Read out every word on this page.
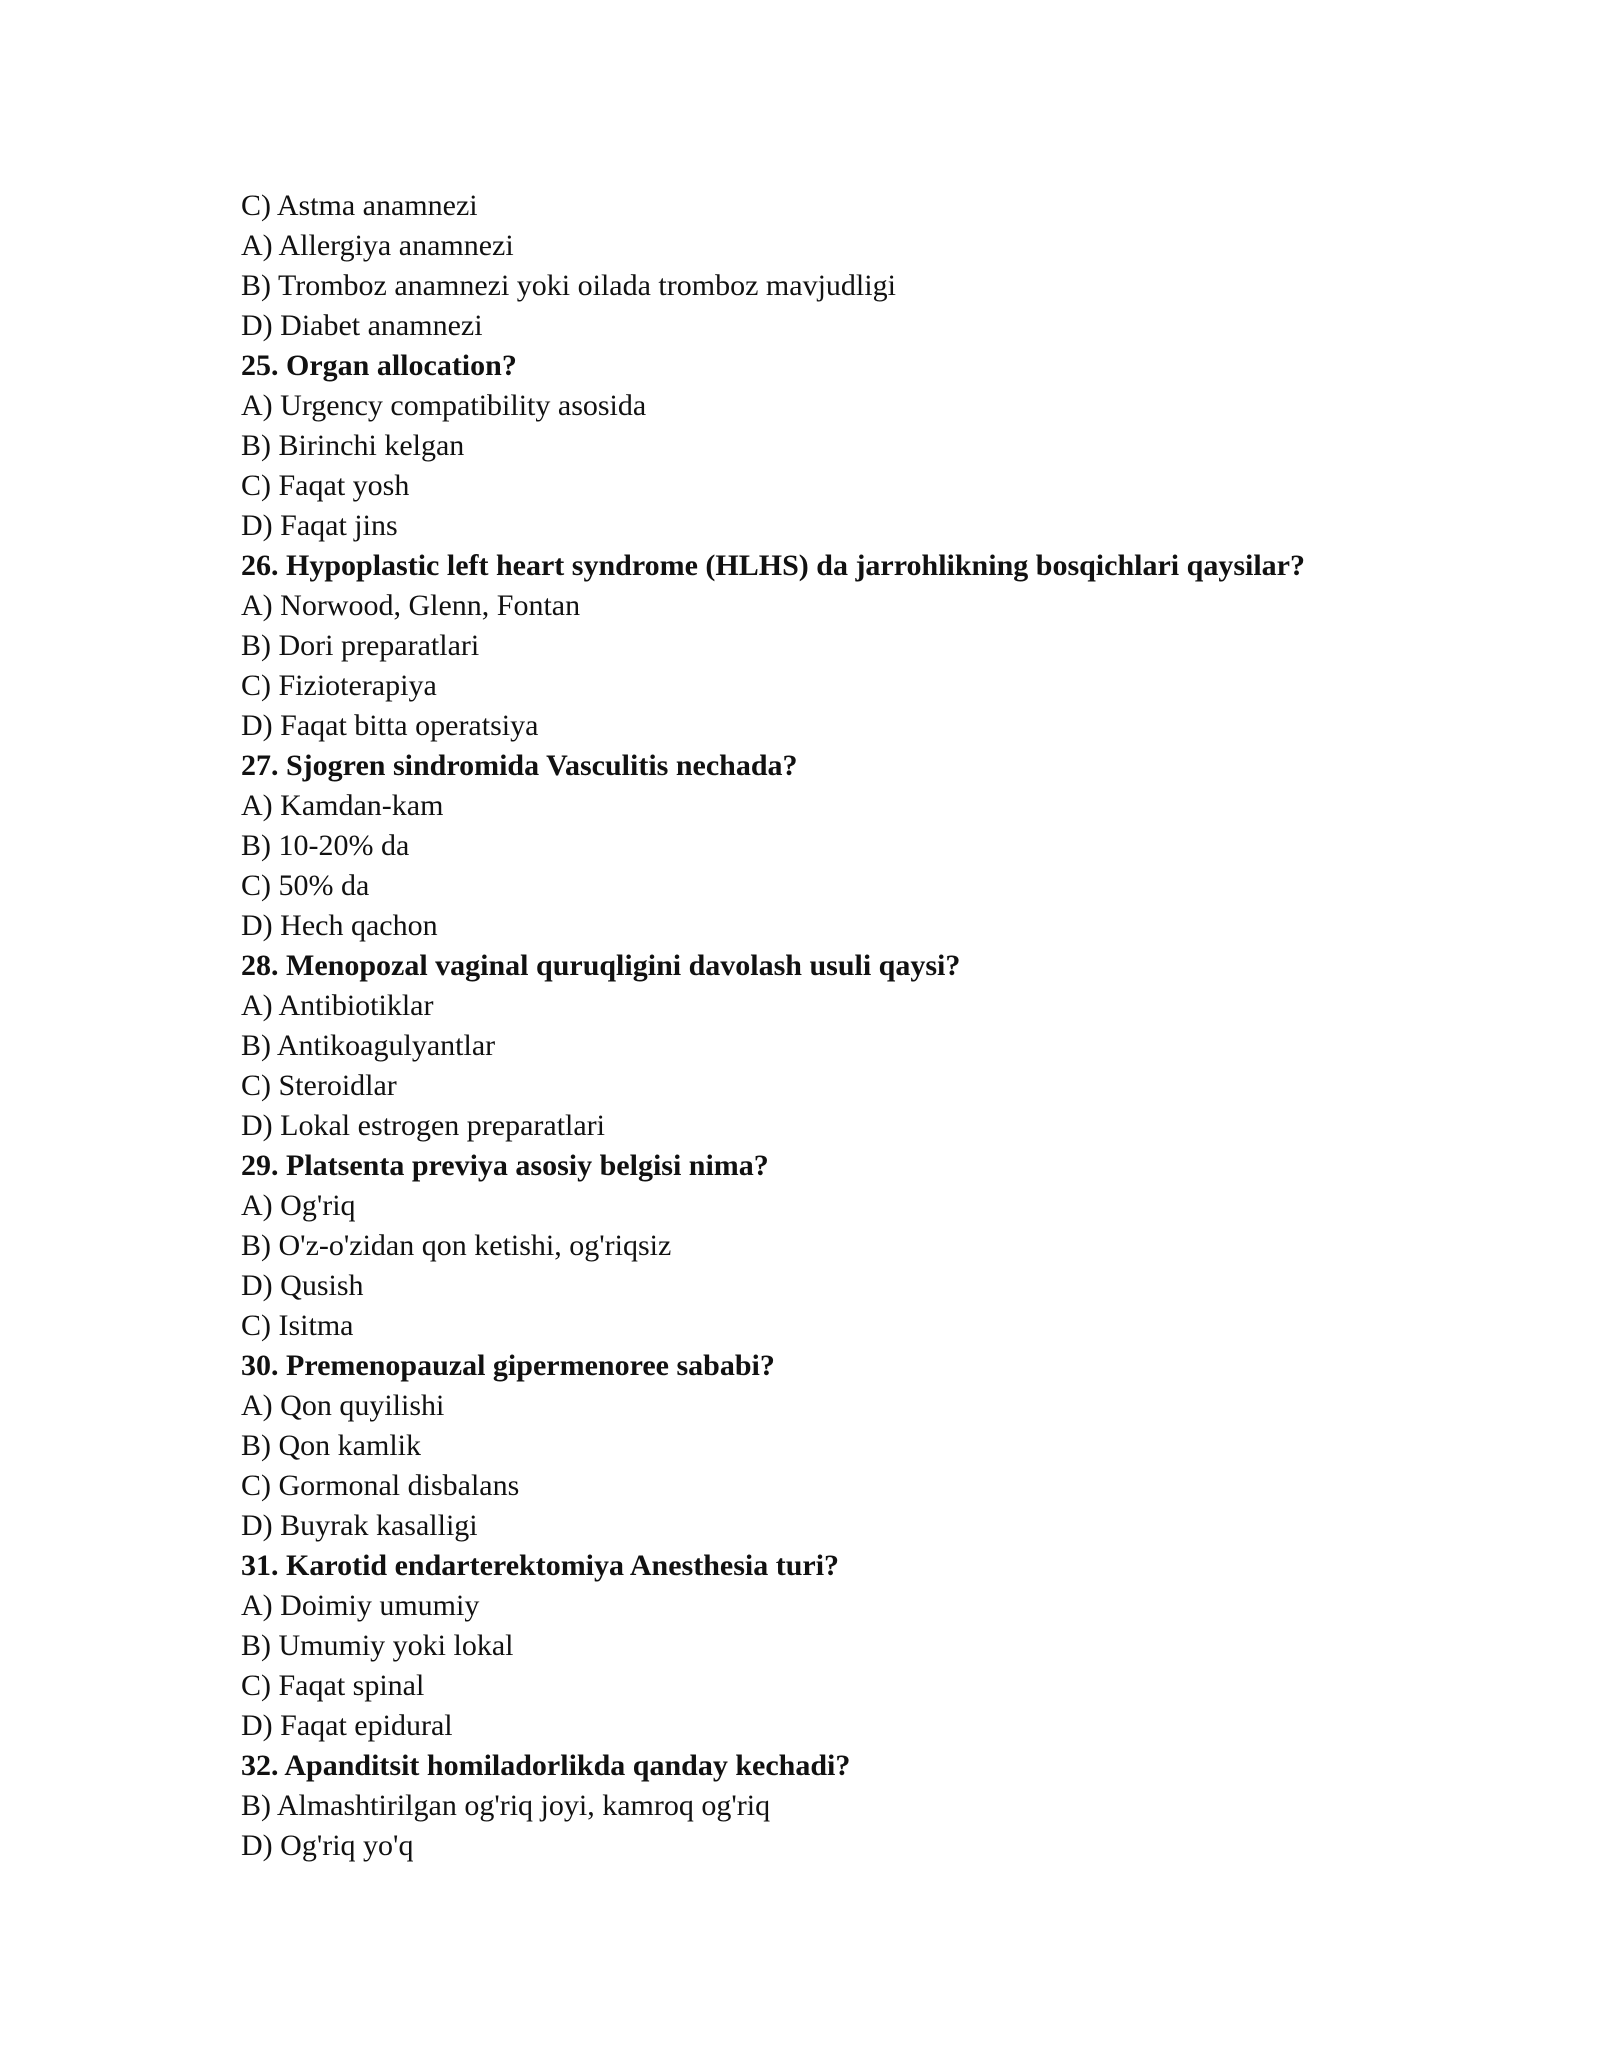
C) Astma anamnezi
A) Allergiya anamnezi
B) Tromboz anamnezi yoki oilada tromboz mavjudligi
D) Diabet anamnezi
25. Organ allocation?
A) Urgency compatibility asosida
B) Birinchi kelgan
C) Faqat yosh
D) Faqat jins
26. Hypoplastic left heart syndrome (HLHS) da jarrohlikning bosqichlari qaysilar?
A) Norwood, Glenn, Fontan
B) Dori preparatlari
C) Fizioterapiya
D) Faqat bitta operatsiya
27. Sjogren sindromida Vasculitis nechada?
A) Kamdan-kam
B) 10-20% da
C) 50% da
D) Hech qachon
28. Menopozal vaginal quruqligini davolash usuli qaysi?
A) Antibiotiklar
B) Antikoagulyantlar
C) Steroidlar
D) Lokal estrogen preparatlari
29. Platsenta previya asosiy belgisi nima?
A) Og'riq
B) O'z-o'zidan qon ketishi, og'riqsiz
D) Qusish
C) Isitma
30. Premenopauzal gipermenoree sababi?
A) Qon quyilishi
B) Qon kamlik
C) Gormonal disbalans
D) Buyrak kasalligi
31. Karotid endarterektomiya Anesthesia turi?
A) Doimiy umumiy
B) Umumiy yoki lokal
C) Faqat spinal
D) Faqat epidural
32. Apanditsit homiladorlikda qanday kechadi?
B) Almashtirilgan og'riq joyi, kamroq og'riq
D) Og'riq yo'q
